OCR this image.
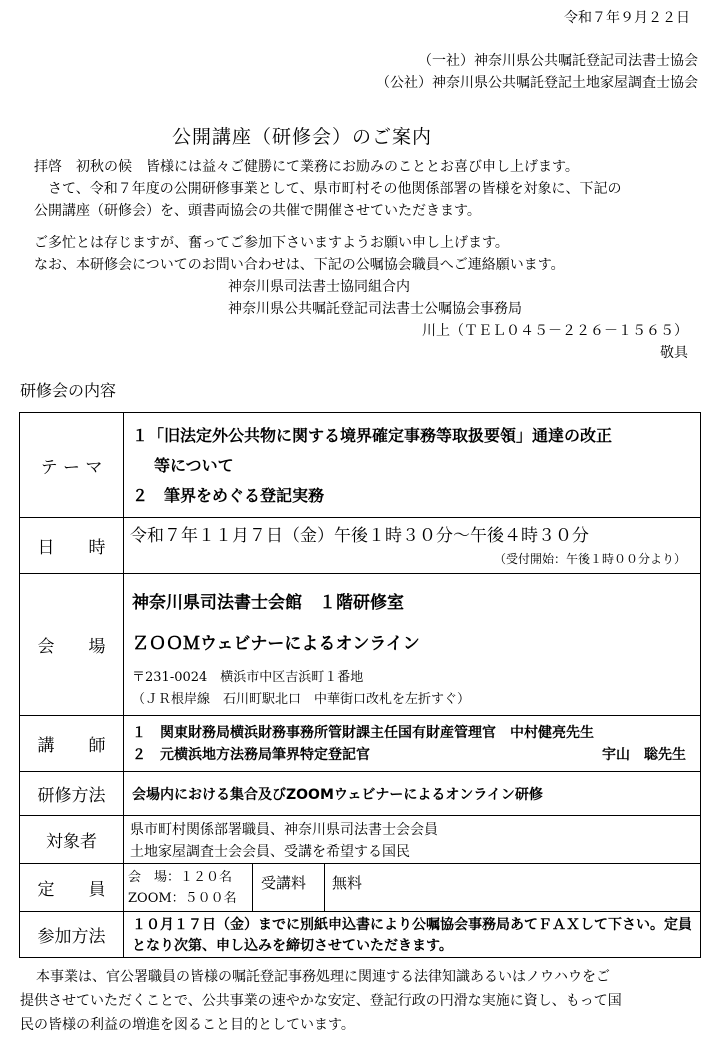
令和７年９月２２日
（一社）神奈川県公共嘱託登記司法書士協会
（公社）神奈川県公共嘱託登記土地家屋調査士協会
公開講座（研修会）のご案内
拝啓　初秋の候　皆様には益々ご健勝にて業務にお励みのこととお喜び申し上げます。
さて、令和７年度の公開研修事業として、県市町村その他関係部署の皆様を対象に、下記の
公開講座（研修会）を、頭書両協会の共催で開催させていただきます。
ご多忙とは存じますが、奮ってご参加下さいますようお願い申し上げます。
なお、本研修会についてのお問い合わせは、下記の公嘱協会職員へご連絡願います。
神奈川県司法書士協同組合内
神奈川県公共嘱託登記司法書士公嘱協会事務局
川上（ＴＥＬ０４５－２２６－１５６５）
敬具
研修会の内容
テ ー マ	１「旧法定外公共物に関する境界確定事務等取扱要領」通達の改正
等について
２　筆界をめぐる登記実務

日　　時	令和７年１１月７日（金）午後１時３０分～午後４時３０分
（受付開始：午後１時００分より）

会　　場	神奈川県司法書士会館　１階研修室
ＺＯＯＭウェビナーによるオンライン
〒231-0024　横浜市中区吉浜町１番地
（ＪＲ根岸線　石川町駅北口　中華街口改札を左折すぐ）

講　　師	１　関東財務局横浜財務事務所管財課主任国有財産管理官　中村健亮先生
２　元横浜地方法務局筆界特定登記官 宇山　聡先生

研修方法	会場内における集合及びZOOMウェビナーによるオンライン研修

対象者	県市町村関係部署職員、神奈川県司法書士会会員
土地家屋調査士会会員、受講を希望する国民

定　　員	会　場：１２０名
ZOOM：５００名
受講料 無料

参加方法	１０月１７日（金）までに別紙申込書により公嘱協会事務局あてＦＡＸして下さい。定員となり次第、申し込みを締切させていただきます。
本事業は、官公署職員の皆様の嘱託登記事務処理に関連する法律知識あるいはノウハウをご
提供させていただくことで、公共事業の速やかな安定、登記行政の円滑な実施に資し、もって国
民の皆様の利益の増進を図ること目的としています。
